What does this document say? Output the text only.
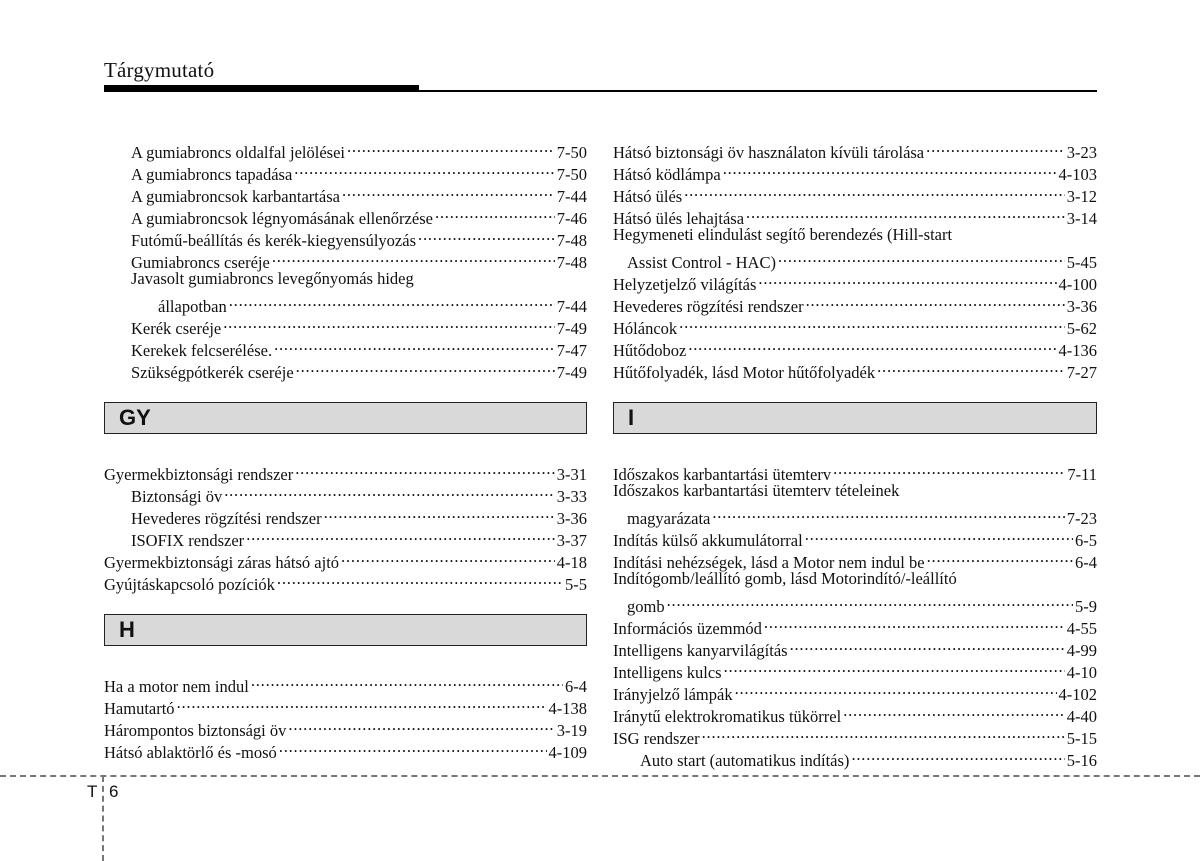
Tárgymutató
A gumiabroncs oldalfal jelölései .....	7-50
A gumiabroncs tapadása .....	7-50
A gumiabroncsok karbantartása .....	7-44
A gumiabroncsok légnyomásának ellenőrzése .....	7-46
Futómű-beállítás és kerék-kiegyensúlyozás .....	7-48
Gumiabroncs cseréje .....	7-48
Javasolt gumiabroncs levegőnyomás hideg
állapotban .....	7-44
Kerék cseréje .....	7-49
Kerekek felcserélése. .....	7-47
Szükségpótkerék cseréje .....	7-49
GY
Gyermekbiztonsági rendszer .....	3-31
Biztonsági öv .....	3-33
Hevederes rögzítési rendszer .....	3-36
ISOFIX rendszer .....	3-37
Gyermekbiztonsági záras hátsó ajtó .....	4-18
Gyújtáskapcsoló pozíciók .....	5-5
H
Ha a motor nem indul .....	6-4
Hamutartó .....	4-138
Hárompontos biztonsági öv .....	3-19
Hátsó ablaktörlő és -mosó .....	4-109
Hátsó biztonsági öv használaton kívüli tárolása .....	3-23
Hátsó ködlámpa .....	4-103
Hátsó ülés .....	3-12
Hátsó ülés lehajtása .....	3-14
Hegymeneti elindulást segítő berendezés (Hill-start
Assist Control - HAC) .....	5-45
Helyzetjelző világítás .....	4-100
Hevederes rögzítési rendszer .....	3-36
Hóláncok .....	5-62
Hűtődoboz .....	4-136
Hűtőfolyadék, lásd Motor hűtőfolyadék .....	7-27
I
Időszakos karbantartási ütemterv .....	7-11
Időszakos karbantartási ütemterv tételeinek
magyarázata .....	7-23
Indítás külső akkumulátorral .....	6-5
Indítási nehézségek, lásd a Motor nem indul be .....	6-4
Indítógomb/leállító gomb, lásd Motorindító/-leállító
gomb .....	5-9
Információs üzemmód .....	4-55
Intelligens kanyarvilágítás .....	4-99
Intelligens kulcs .....	4-10
Irányjelző lámpák .....	4-102
Iránytű elektrokromatikus tükörrel .....	4-40
ISG rendszer .....	5-15
Auto start (automatikus indítás) .....	5-16
T 6
